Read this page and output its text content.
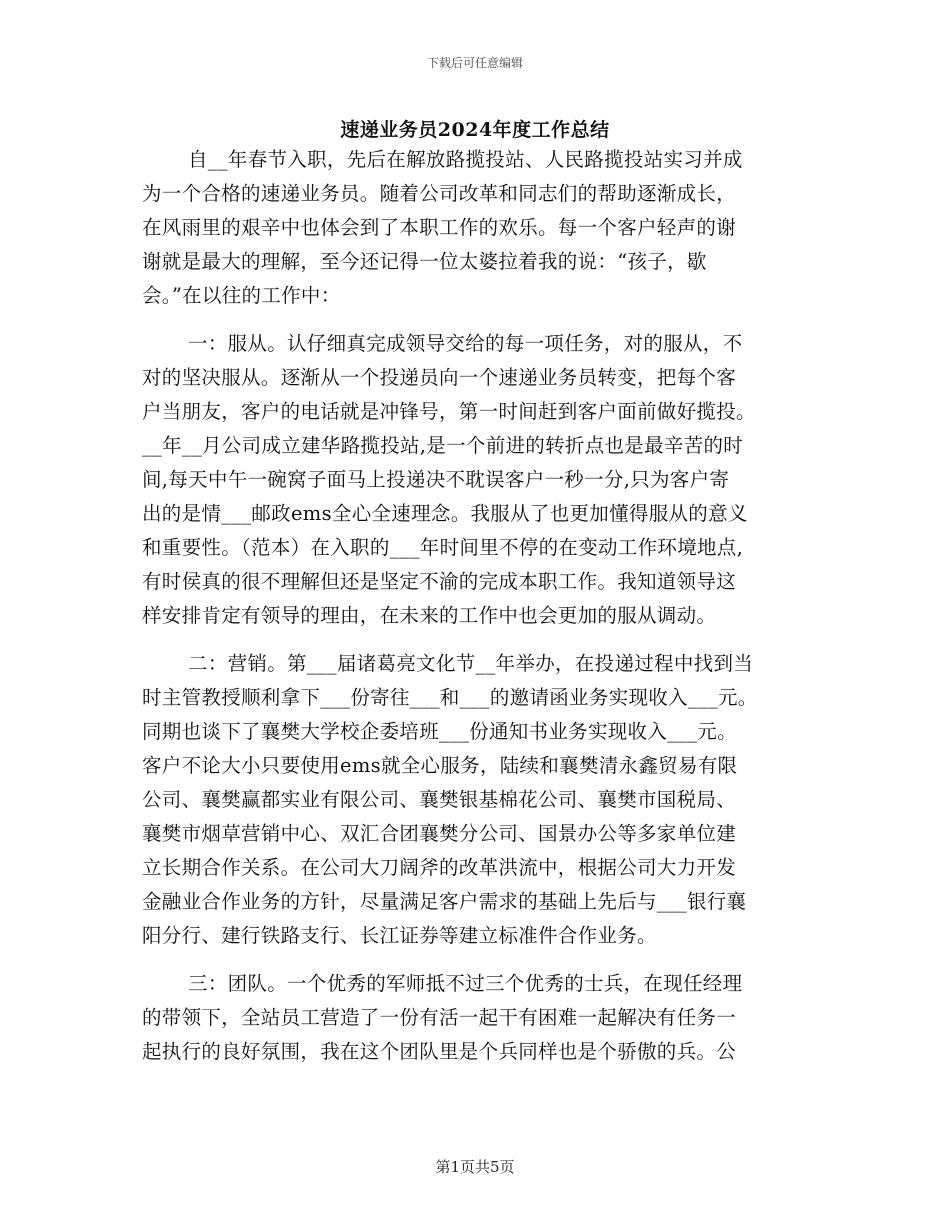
下载后可任意编辑
速递业务员2024年度工作总结
自__年春节入职，先后在解放路揽投站、人民路揽投站实习并成
为一个合格的速递业务员。随着公司改革和同志们的帮助逐渐成长，
在风雨里的艰辛中也体会到了本职工作的欢乐。每一个客户轻声的谢
谢就是最大的理解，至今还记得一位太婆拉着我的说：“孩子，歇
会。”在以往的工作中：
一：服从。认仔细真完成领导交给的每一项任务，对的服从，不
对的坚决服从。逐渐从一个投递员向一个速递业务员转变，把每个客
户当朋友，客户的电话就是冲锋号，第一时间赶到客户面前做好揽投。
__年__月公司成立建华路揽投站,是一个前进的转折点也是最辛苦的时
间,每天中午一碗窝子面马上投递决不耽误客户一秒一分,只为客户寄
出的是情___邮政ems全心全速理念。我服从了也更加懂得服从的意义
和重要性。（范本）在入职的___年时间里不停的在变动工作环境地点,
有时侯真的很不理解但还是坚定不渝的完成本职工作。我知道领导这
样安排肯定有领导的理由，在未来的工作中也会更加的服从调动。
二：营销。第___届诸葛亮文化节__年举办，在投递过程中找到当
时主管教授顺利拿下___份寄往___和___的邀请函业务实现收入___元。
同期也谈下了襄樊大学校企委培班___份通知书业务实现收入___元。
客户不论大小只要使用ems就全心服务，陆续和襄樊清永鑫贸易有限
公司、襄樊赢都实业有限公司、襄樊银基棉花公司、襄樊市国税局、
襄樊市烟草营销中心、双汇合团襄樊分公司、国景办公等多家单位建
立长期合作关系。在公司大刀阔斧的改革洪流中，根据公司大力开发
金融业合作业务的方针，尽量满足客户需求的基础上先后与___银行襄
阳分行、建行铁路支行、长江证券等建立标准件合作业务。
三：团队。一个优秀的军师抵不过三个优秀的士兵，在现任经理
的带领下，全站员工营造了一份有活一起干有困难一起解决有任务一
起执行的良好氛围，我在这个团队里是个兵同样也是个骄傲的兵。公
第1页共5页
